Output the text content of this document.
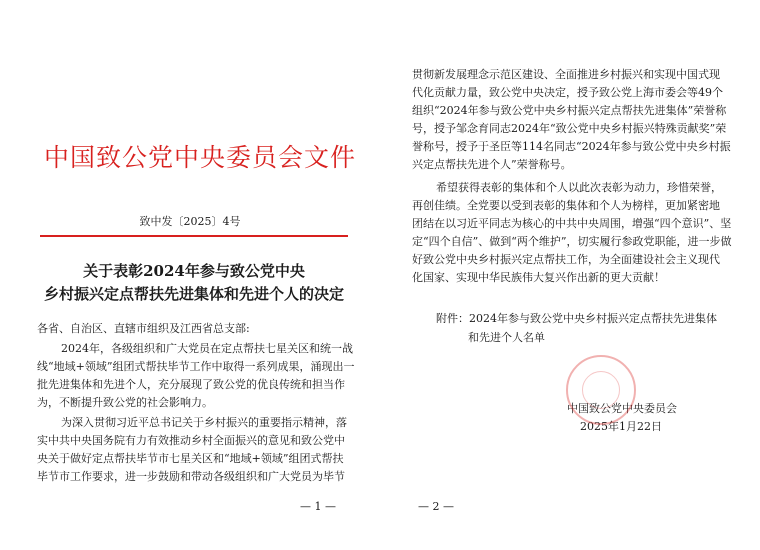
中国致公党中央委员会文件
致中发〔2025〕4号
关于表彰2024年参与致公党中央
乡村振兴定点帮扶先进集体和先进个人的决定
各省、自治区、直辖市组织及江西省总支部:
2024年，各级组织和广大党员在定点帮扶七星关区和统一战
线“地域+领域”组团式帮扶毕节工作中取得一系列成果，涌现出一
批先进集体和先进个人，充分展现了致公党的优良传统和担当作
为，不断提升致公党的社会影响力。
为深入贯彻习近平总书记关于乡村振兴的重要指示精神，落
实中共中央国务院有力有效推动乡村全面振兴的意见和致公党中
央关于做好定点帮扶毕节市七星关区和“地域+领域”组团式帮扶
毕节市工作要求，进一步鼓励和带动各级组织和广大党员为毕节
— 1 —
贯彻新发展理念示范区建设、全面推进乡村振兴和实现中国式现
代化贡献力量，致公党中央决定，授予致公党上海市委会等49个
组织“2024年参与致公党中央乡村振兴定点帮扶先进集体”荣誉称
号，授予邹念育同志2024年“致公党中央乡村振兴特殊贡献奖”荣
誉称号，授予于圣臣等114名同志“2024年参与致公党中央乡村振
兴定点帮扶先进个人”荣誉称号。
希望获得表彰的集体和个人以此次表彰为动力，珍惜荣誉，
再创佳绩。全党要以受到表彰的集体和个人为榜样，更加紧密地
团结在以习近平同志为核心的中共中央周围，增强“四个意识”、坚
定“四个自信”、做到“两个维护”，切实履行参政党职能，进一步做
好致公党中央乡村振兴定点帮扶工作，为全面建设社会主义现代
化国家、实现中华民族伟大复兴作出新的更大贡献！
附件：2024年参与致公党中央乡村振兴定点帮扶先进集体
和先进个人名单
中国致公党中央委员会
2025年1月22日
— 2 —
